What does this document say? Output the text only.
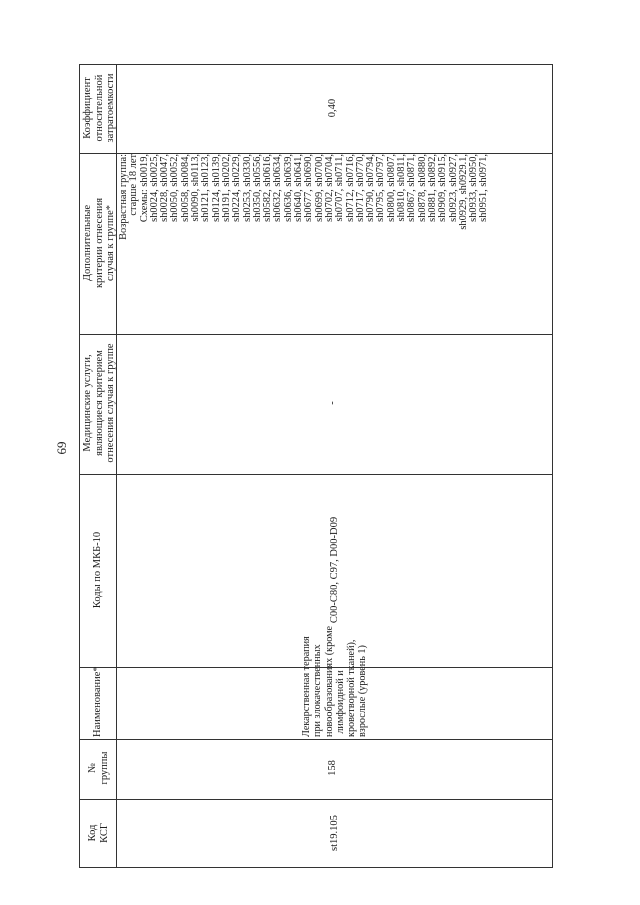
69
Коэффициент
относительной
затратоемкости
Дополнительные
критерии отнесения
случая к группе*
Медицинские услуги,
являющиеся критерием
отнесения случая к группе
Коды по МКБ-10
Наименование*
№
группы
Код
КСГ
0,40
Возрастная группа:
старше 18 лет
Схемы: sh0019,
sh0024, sh0025,
sh0028, sh0047,
sh0050, sh0052,
sh0058, sh0084,
sh0090, sh0113,
sh0121, sh0123,
sh0124, sh0139,
sh0191, sh0202,
sh0224, sh0229,
sh0253, sh0330,
sh0350, sh0556,
sh0582, sh0616,
sh0632, sh0634,
sh0636, sh0639,
sh0640, sh0641,
sh0677, sh0690,
sh0699, sh0700,
sh0702, sh0704,
sh0707, sh0711,
sh0712, sh0716,
sh0717, sh0770,
sh0790, sh0794,
sh0795, sh0797,
sh0800, sh0807,
sh0810, sh0811,
sh0867, sh0871,
sh0878, sh0880,
sh0881, sh0892,
sh0909, sh0915,
sh0923, sh0927,
sh0929, sh0929.1,
sh0933, sh0950,
sh0951, sh0971,
-
C00-C80, C97, D00-D09
Лекарственная терапия
при злокачественных
новообразованиях (кроме
лимфоидной и
кроветворной тканей),
взрослые (уровень 1)
158
st19.105
